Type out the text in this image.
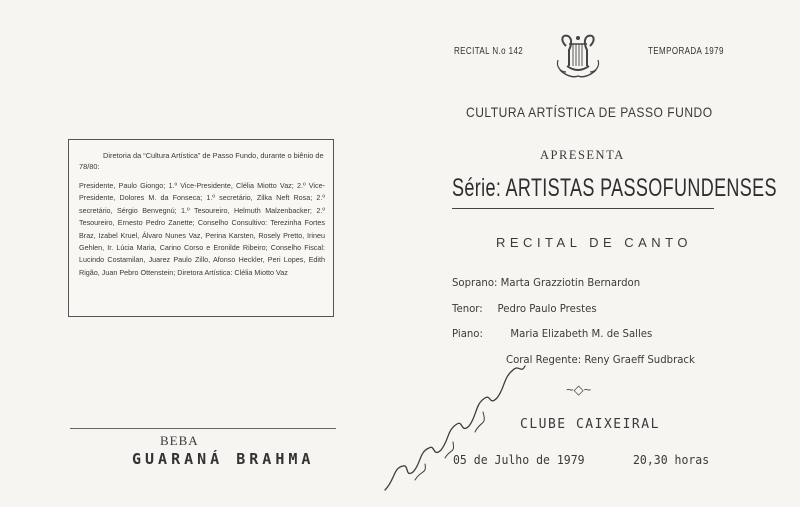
Diretoria da “Cultura Artística” de Passo Fundo, durante o biênio de 78/80:

Presidente, Paulo Giongo; 1.º Vice-Presidente, Clélia Miotto Vaz; 2.º Vice-Presidente, Dolores M. da Fonseca; 1.º secretário, Zilka Neft Rosa; 2.º secretário, Sérgio Benvegnú; 1.º Tesoureiro, Helmuth Malzenbacker; 2.º Tesoureiro, Ernesto Pedro Zanette; Conselho Consultivo: Terezinha Fortes Braz, Izabel Kruel, Álvaro Nunes Vaz, Perina Karsten, Rosely Pretto, Irineu Gehlen, Ir. Lúcia Maria, Carino Corso e Eronilde Ribeiro; Conselho Fiscal: Lucindo Costamilan, Juarez Paulo Zillo, Afonso Heckler, Peri Lopes, Edith Rigão, Juan Pebro Ottenstein; Diretora Artística: Clélia Miotto Vaz

BEBA
GUARANÁ BRAHMA
RECITAL N.o 142	TEMPORADA 1979
CULTURA ARTÍSTICA DE PASSO FUNDO
APRESENTA
Série: ARTISTAS PASSOFUNDENSES
RECITAL DE CANTO
Soprano: Marta Grazziotin Bernardon
Tenor: Pedro Paulo Prestes
Piano: Maria Elizabeth M. de Salles
Coral Regente: Reny Graeff Sudbrack
~◇~
CLUBE CAIXEIRAL
05 de Julho de 1979	20,30 horas
